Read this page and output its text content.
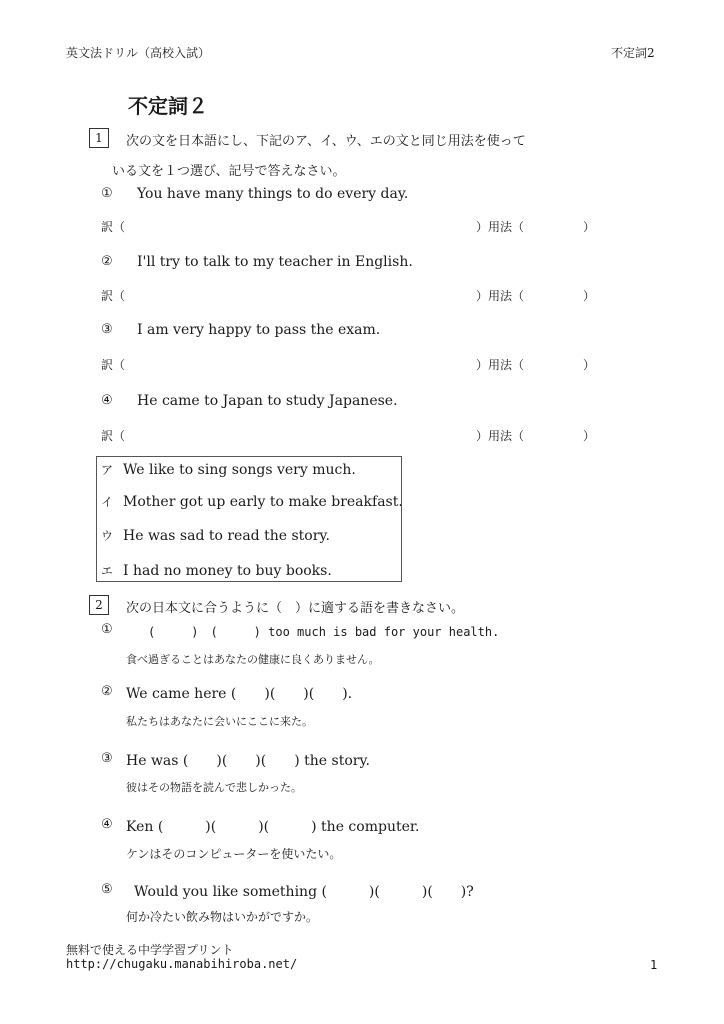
英文法ドリル（高校入試）	不定詞2
不定詞２
1	次の文を日本語にし、下記のア、イ、ウ、エの文と同じ用法を使って
いる文を１つ選び、記号で答えなさい。
① You have many things to do every day.
訳（	）用法（	）
② I'll try to talk to my teacher in English.
訳（	）用法（	）
③ I am very happy to pass the exam.
訳（	）用法（	）
④ He came to Japan to study Japanese.
訳（	）用法（	）
ア We like to sing songs very much.
イ Mother got up early to make breakfast.
ウ He was sad to read the story.
エ I had no money to buy books.
2	次の日本文に合うように（　）に適する語を書きなさい。
①	(　　　)　(　　　) too much is bad for your health.
食べ過ぎることはあなたの健康に良くありません。
② We came here (　　)(　　)(　　).
私たちはあなたに会いにここに来た。
③ He was (　　)(　　)(　　) the story.
彼はその物語を読んで悲しかった。
④ Ken (　　　)(　　　)(　　　) the computer.
ケンはそのコンピューターを使いたい。
⑤ Would you like something (　　　)(　　　)(　　)?
何か冷たい飲み物はいかがですか。
無料で使える中学学習プリント
http://chugaku.manabihiroba.net/	1
